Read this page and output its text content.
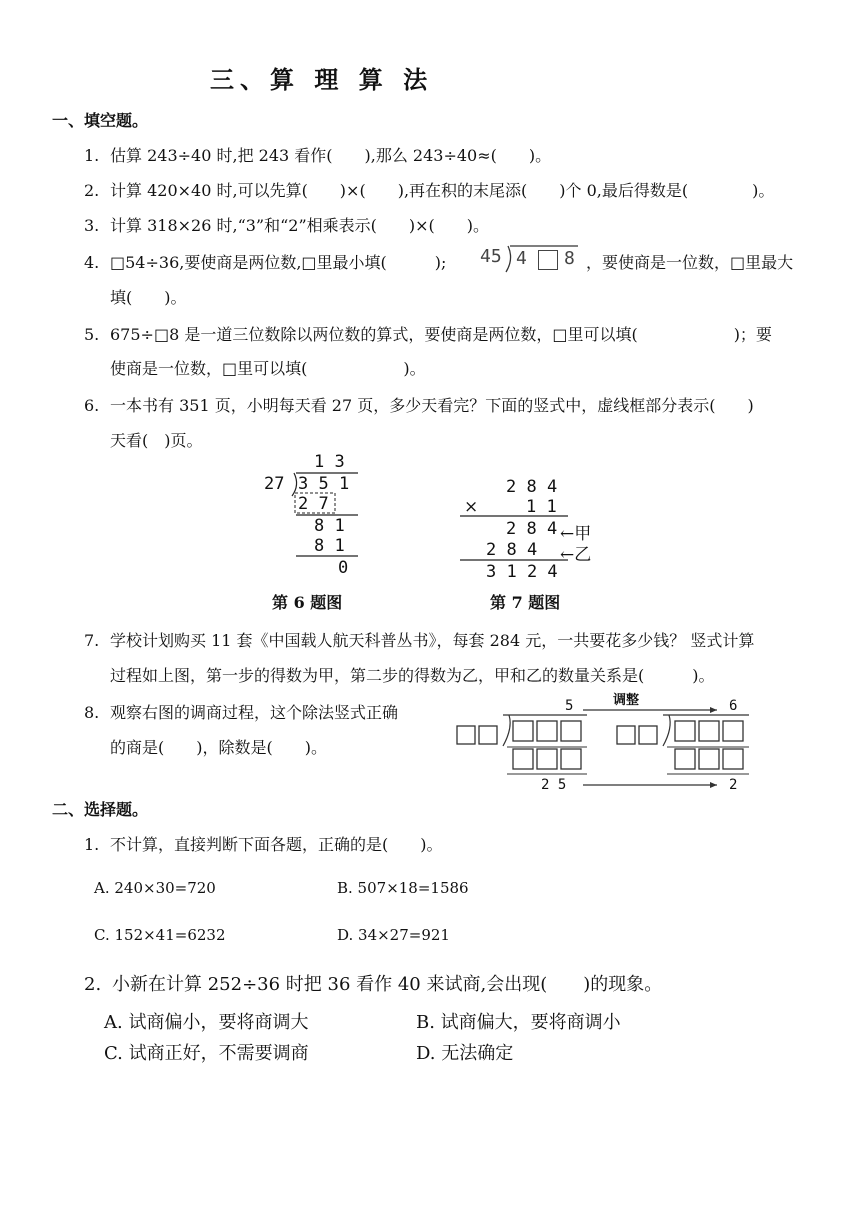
三、算 理 算 法
一、填空题。
1. 估算 243÷40 时,把 243 看作(　　),那么 243÷40≈(　　)。
2. 计算 420×40 时,可以先算(　　)×(　　),再在积的末尾添(　　)个 0,最后得数是(　　　　)。
3. 计算 318×26 时,“3”和“2”相乘表示(　　)×(　　)。
4. □54÷36,要使商是两位数,□里最小填(　　　); 45 4 8 ，要使商是一位数，□里最大
填(　　)。
5. 675÷□8 是一道三位数除以两位数的算式，要使商是两位数，□里可以填(　　　　　　)；要
使商是一位数，□里可以填(　　　　　　)。
6. 一本书有 351 页，小明每天看 27 页，多少天看完？下面的竖式中，虚线框部分表示(　　)
天看(　)页。
1 3
27 3 5 1
2 7
8 1
8 1
0
第 6 题图
2 8 4
×	1 1
2 8 4 ←甲
2 8 4 ←乙
3 1 2 4
第 7 题图
7. 学校计划购买 11 套《中国载人航天科普丛书》，每套 284 元，一共要花多少钱？ 竖式计算
过程如上图，第一步的得数为甲，第二步的得数为乙，甲和乙的数量关系是(　　　)。
8. 观察右图的调商过程，这个除法竖式正确
的商是(　　)，除数是(　　)。
调整
5	6
2 5	2
二、选择题。
1. 不计算，直接判断下面各题，正确的是(　　)。
A. 240×30=720	B. 507×18=1586
C. 152×41=6232	D. 34×27=921
2. 小新在计算 252÷36 时把 36 看作 40 来试商,会出现(　　)的现象。
A. 试商偏小，要将商调大	B. 试商偏大，要将商调小
C. 试商正好，不需要调商	D. 无法确定
